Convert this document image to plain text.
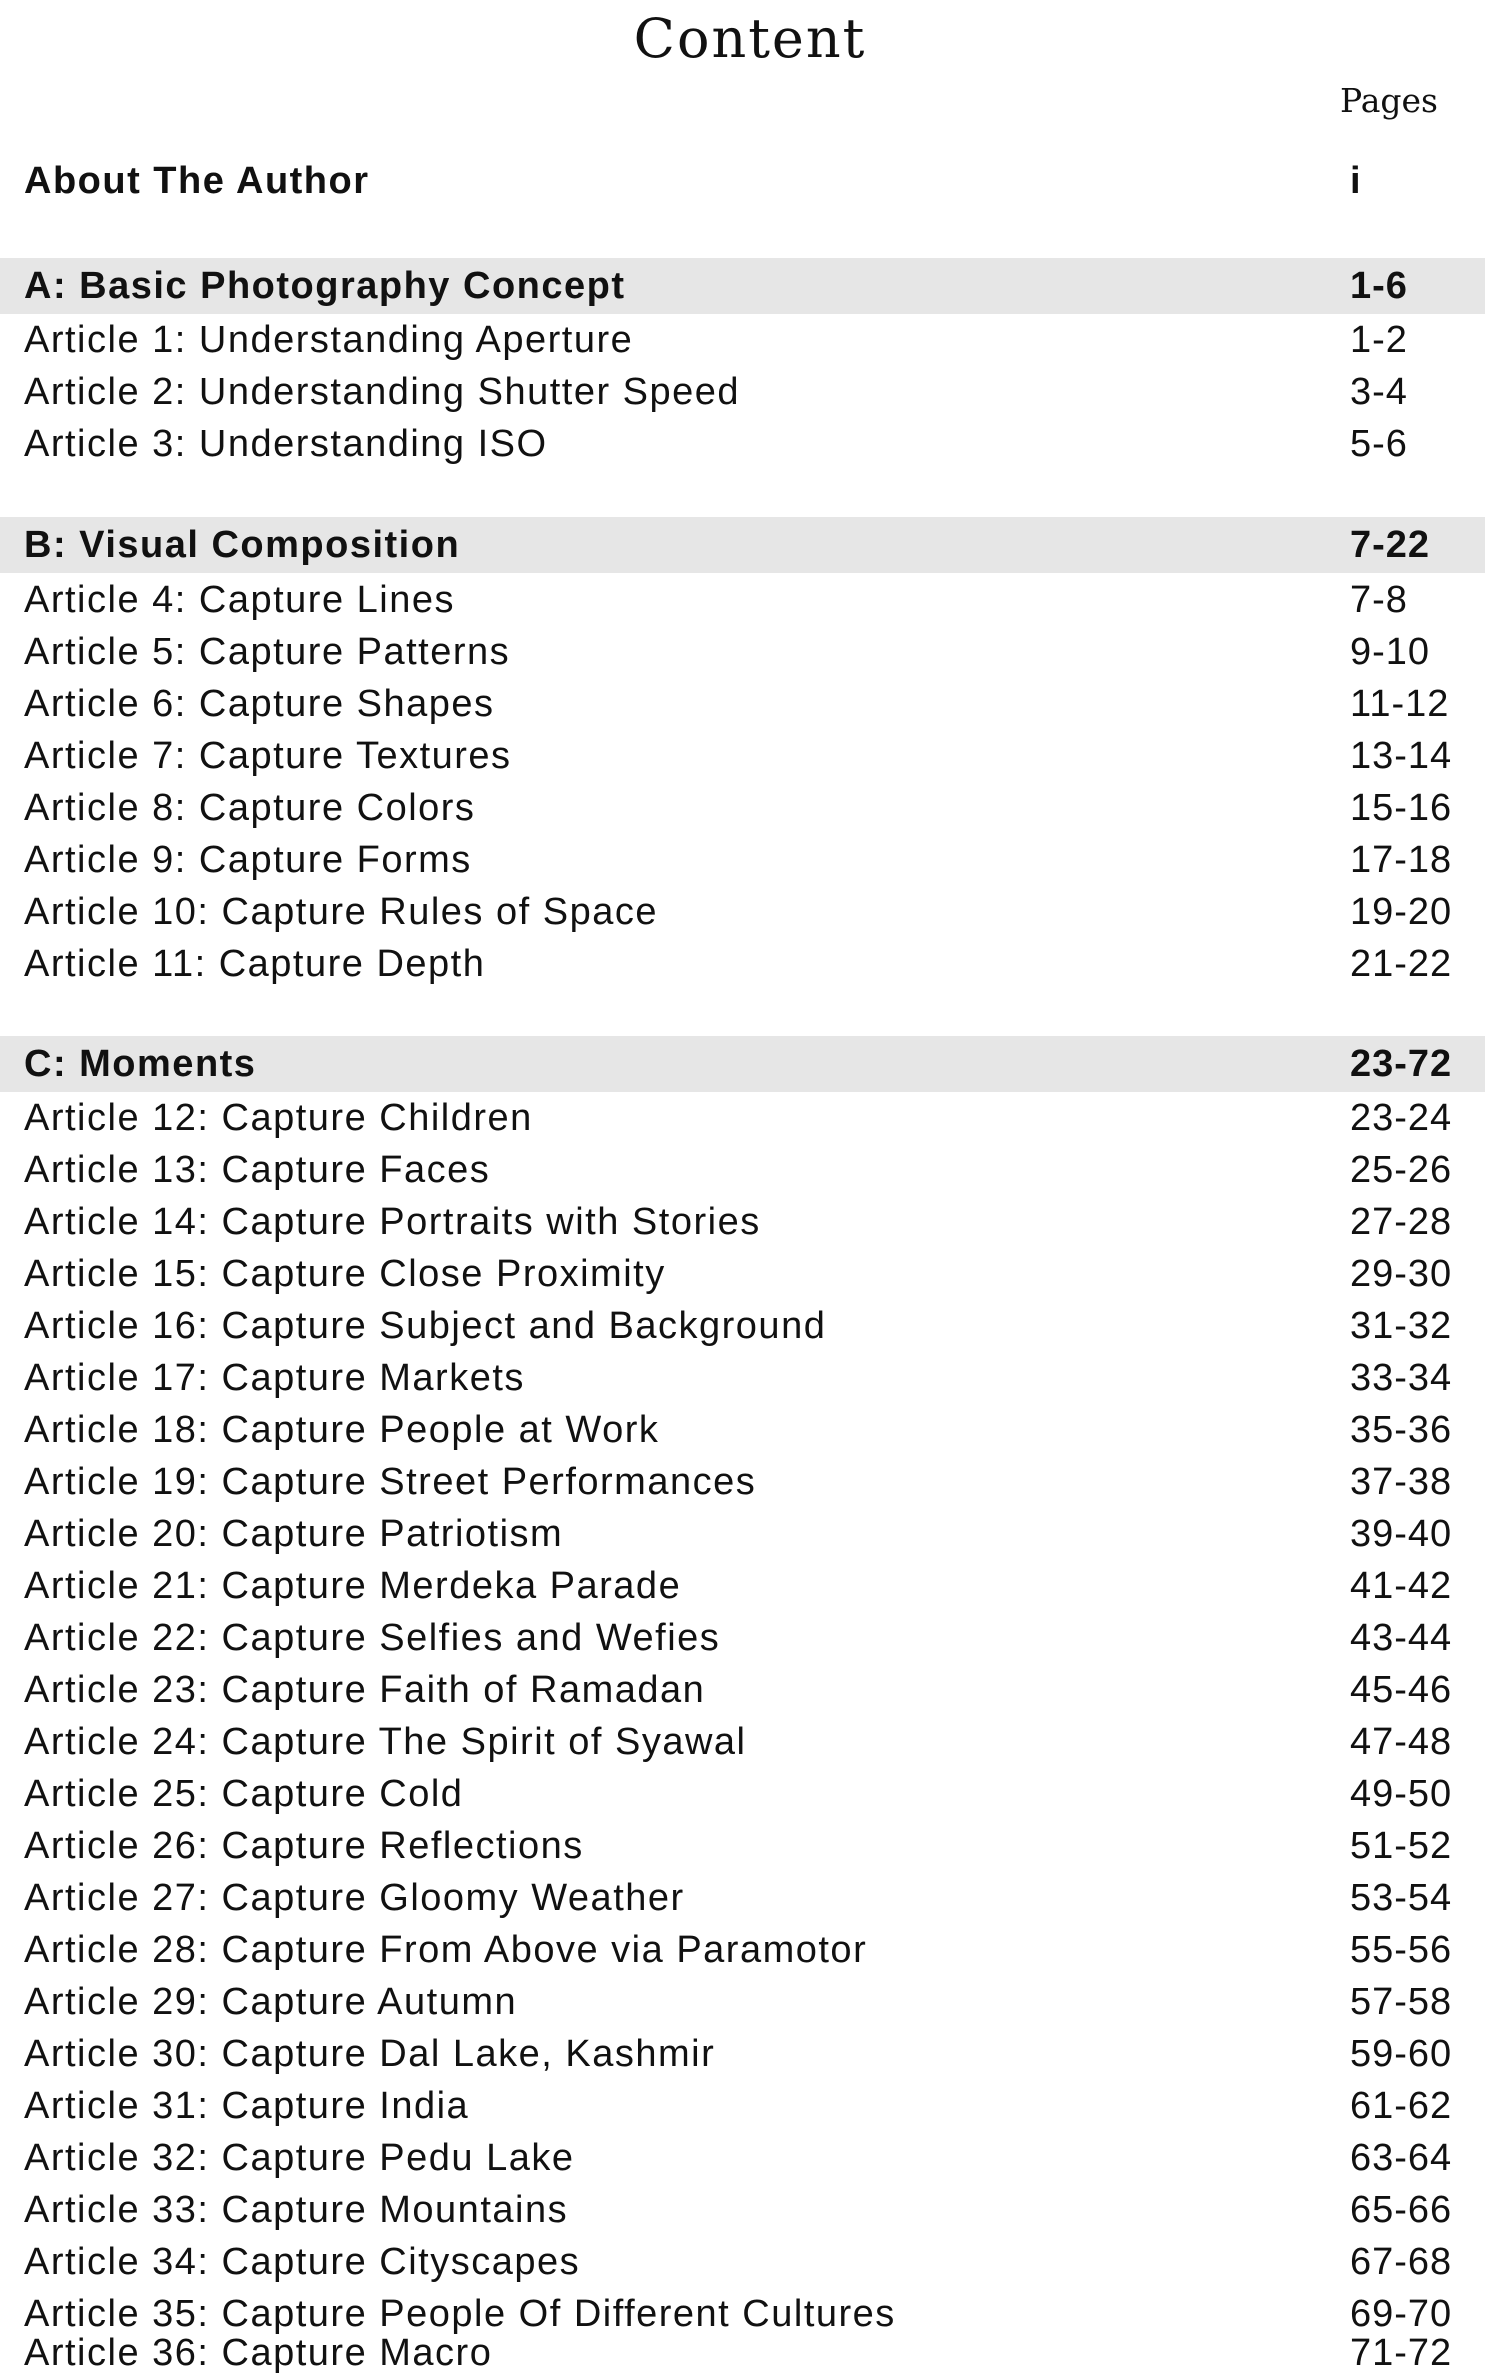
Content
Pages
About The Author	i
A: Basic Photography Concept	1-6
Article 1: Understanding Aperture	1-2
Article 2: Understanding Shutter Speed	3-4
Article 3: Understanding ISO	5-6
B: Visual Composition	7-22
Article 4: Capture Lines	7-8
Article 5: Capture Patterns	9-10
Article 6: Capture Shapes	11-12
Article 7: Capture Textures	13-14
Article 8: Capture Colors	15-16
Article 9: Capture Forms	17-18
Article 10: Capture Rules of Space	19-20
Article 11: Capture Depth	21-22
C: Moments	23-72
Article 12: Capture Children	23-24
Article 13: Capture Faces	25-26
Article 14: Capture Portraits with Stories	27-28
Article 15: Capture Close Proximity	29-30
Article 16: Capture Subject and Background	31-32
Article 17: Capture Markets	33-34
Article 18: Capture People at Work	35-36
Article 19: Capture Street Performances	37-38
Article 20: Capture Patriotism	39-40
Article 21: Capture Merdeka Parade	41-42
Article 22: Capture Selfies and Wefies	43-44
Article 23: Capture Faith of Ramadan	45-46
Article 24: Capture The Spirit of Syawal	47-48
Article 25: Capture Cold	49-50
Article 26: Capture Reflections	51-52
Article 27: Capture Gloomy Weather	53-54
Article 28: Capture From Above via Paramotor	55-56
Article 29: Capture Autumn	57-58
Article 30: Capture Dal Lake, Kashmir	59-60
Article 31: Capture India	61-62
Article 32: Capture Pedu Lake	63-64
Article 33: Capture Mountains	65-66
Article 34: Capture Cityscapes	67-68
Article 35: Capture People Of Different Cultures	69-70
Article 36: Capture Macro	71-72
